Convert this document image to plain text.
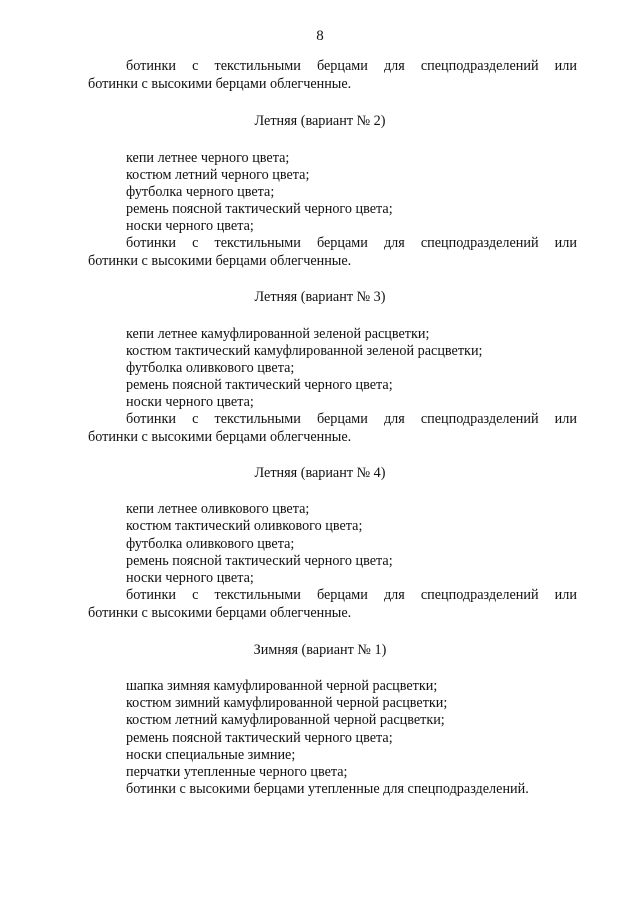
8
ботинки с текстильными берцами для спецподразделений или
ботинки с высокими берцами облегченные.
Летняя (вариант № 2)
кепи летнее черного цвета;
костюм летний черного цвета;
футболка черного цвета;
ремень поясной тактический черного цвета;
носки черного цвета;
ботинки с текстильными берцами для спецподразделений или
ботинки с высокими берцами облегченные.
Летняя (вариант № 3)
кепи летнее камуфлированной зеленой расцветки;
костюм тактический камуфлированной зеленой расцветки;
футболка оливкового цвета;
ремень поясной тактический черного цвета;
носки черного цвета;
ботинки с текстильными берцами для спецподразделений или
ботинки с высокими берцами облегченные.
Летняя (вариант № 4)
кепи летнее оливкового цвета;
костюм тактический оливкового цвета;
футболка оливкового цвета;
ремень поясной тактический черного цвета;
носки черного цвета;
ботинки с текстильными берцами для спецподразделений или
ботинки с высокими берцами облегченные.
Зимняя (вариант № 1)
шапка зимняя камуфлированной черной расцветки;
костюм зимний камуфлированной черной расцветки;
костюм летний камуфлированной черной расцветки;
ремень поясной тактический черного цвета;
носки специальные зимние;
перчатки утепленные черного цвета;
ботинки с высокими берцами утепленные для спецподразделений.
